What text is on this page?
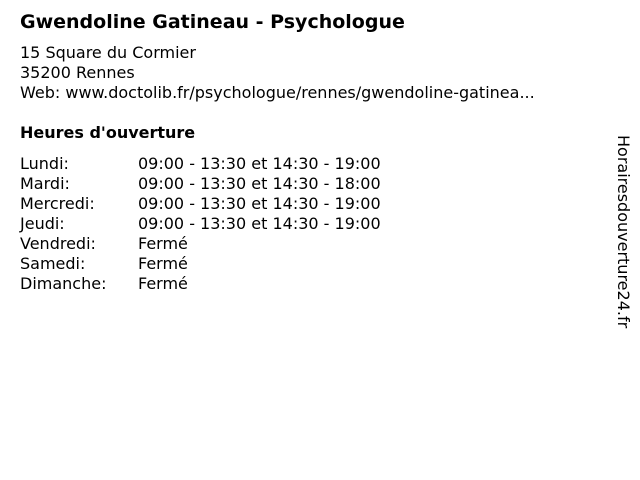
Gwendoline Gatineau - Psychologue
15 Square du Cormier
35200 Rennes
Web: www.doctolib.fr/psychologue/rennes/gwendoline-gatinea...
Heures d'ouverture
Lundi:	09:00 - 13:30 et 14:30 - 19:00
Mardi:	09:00 - 13:30 et 14:30 - 18:00
Mercredi:	09:00 - 13:30 et 14:30 - 19:00
Jeudi:	09:00 - 13:30 et 14:30 - 19:00
Vendredi:	Fermé
Samedi:	Fermé
Dimanche: Fermé	Horairesdouverture24.fr
